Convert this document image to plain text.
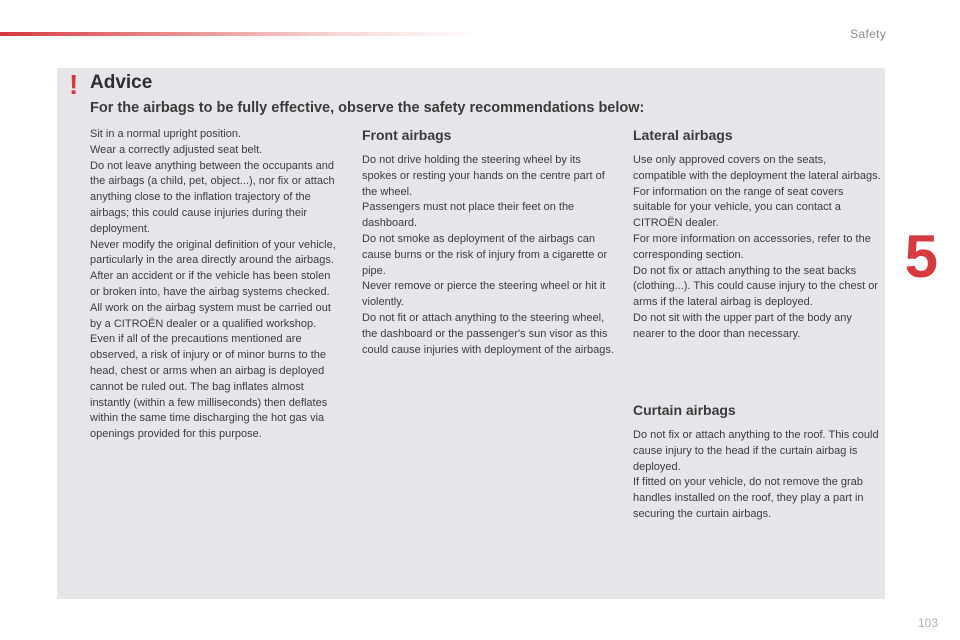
Safety
5
! Advice
For the airbags to be fully effective, observe the safety recommendations below:

Sit in a normal upright position.

Wear a correctly adjusted seat belt.

Do not leave anything between the occupants and the airbags (a child, pet, object...), nor fix or attach anything close to the inflation trajectory of the airbags; this could cause injuries during their deployment.

Never modify the original definition of your vehicle, particularly in the area directly around the airbags.

After an accident or if the vehicle has been stolen or broken into, have the airbag systems checked.

All work on the airbag system must be carried out by a CITROËN dealer or a qualified workshop.

Even if all of the precautions mentioned are observed, a risk of injury or of minor burns to the head, chest or arms when an airbag is deployed cannot be ruled out. The bag inflates almost instantly (within a few milliseconds) then deflates within the same time discharging the hot gas via openings provided for this purpose.

Front airbags

Do not drive holding the steering wheel by its spokes or resting your hands on the centre part of the wheel.

Passengers must not place their feet on the dashboard.

Do not smoke as deployment of the airbags can cause burns or the risk of injury from a cigarette or pipe.

Never remove or pierce the steering wheel or hit it violently.

Do not fit or attach anything to the steering wheel, the dashboard or the passenger's sun visor as this could cause injuries with deployment of the airbags.

Lateral airbags

Use only approved covers on the seats, compatible with the deployment the lateral airbags. For information on the range of seat covers suitable for your vehicle, you can contact a CITROËN dealer.

For more information on accessories, refer to the corresponding section.

Do not fix or attach anything to the seat backs (clothing...). This could cause injury to the chest or arms if the lateral airbag is deployed.

Do not sit with the upper part of the body any nearer to the door than necessary.

Curtain airbags

Do not fix or attach anything to the roof. This could cause injury to the head if the curtain airbag is deployed.

If fitted on your vehicle, do not remove the grab handles installed on the roof, they play a part in securing the curtain airbags.

103
